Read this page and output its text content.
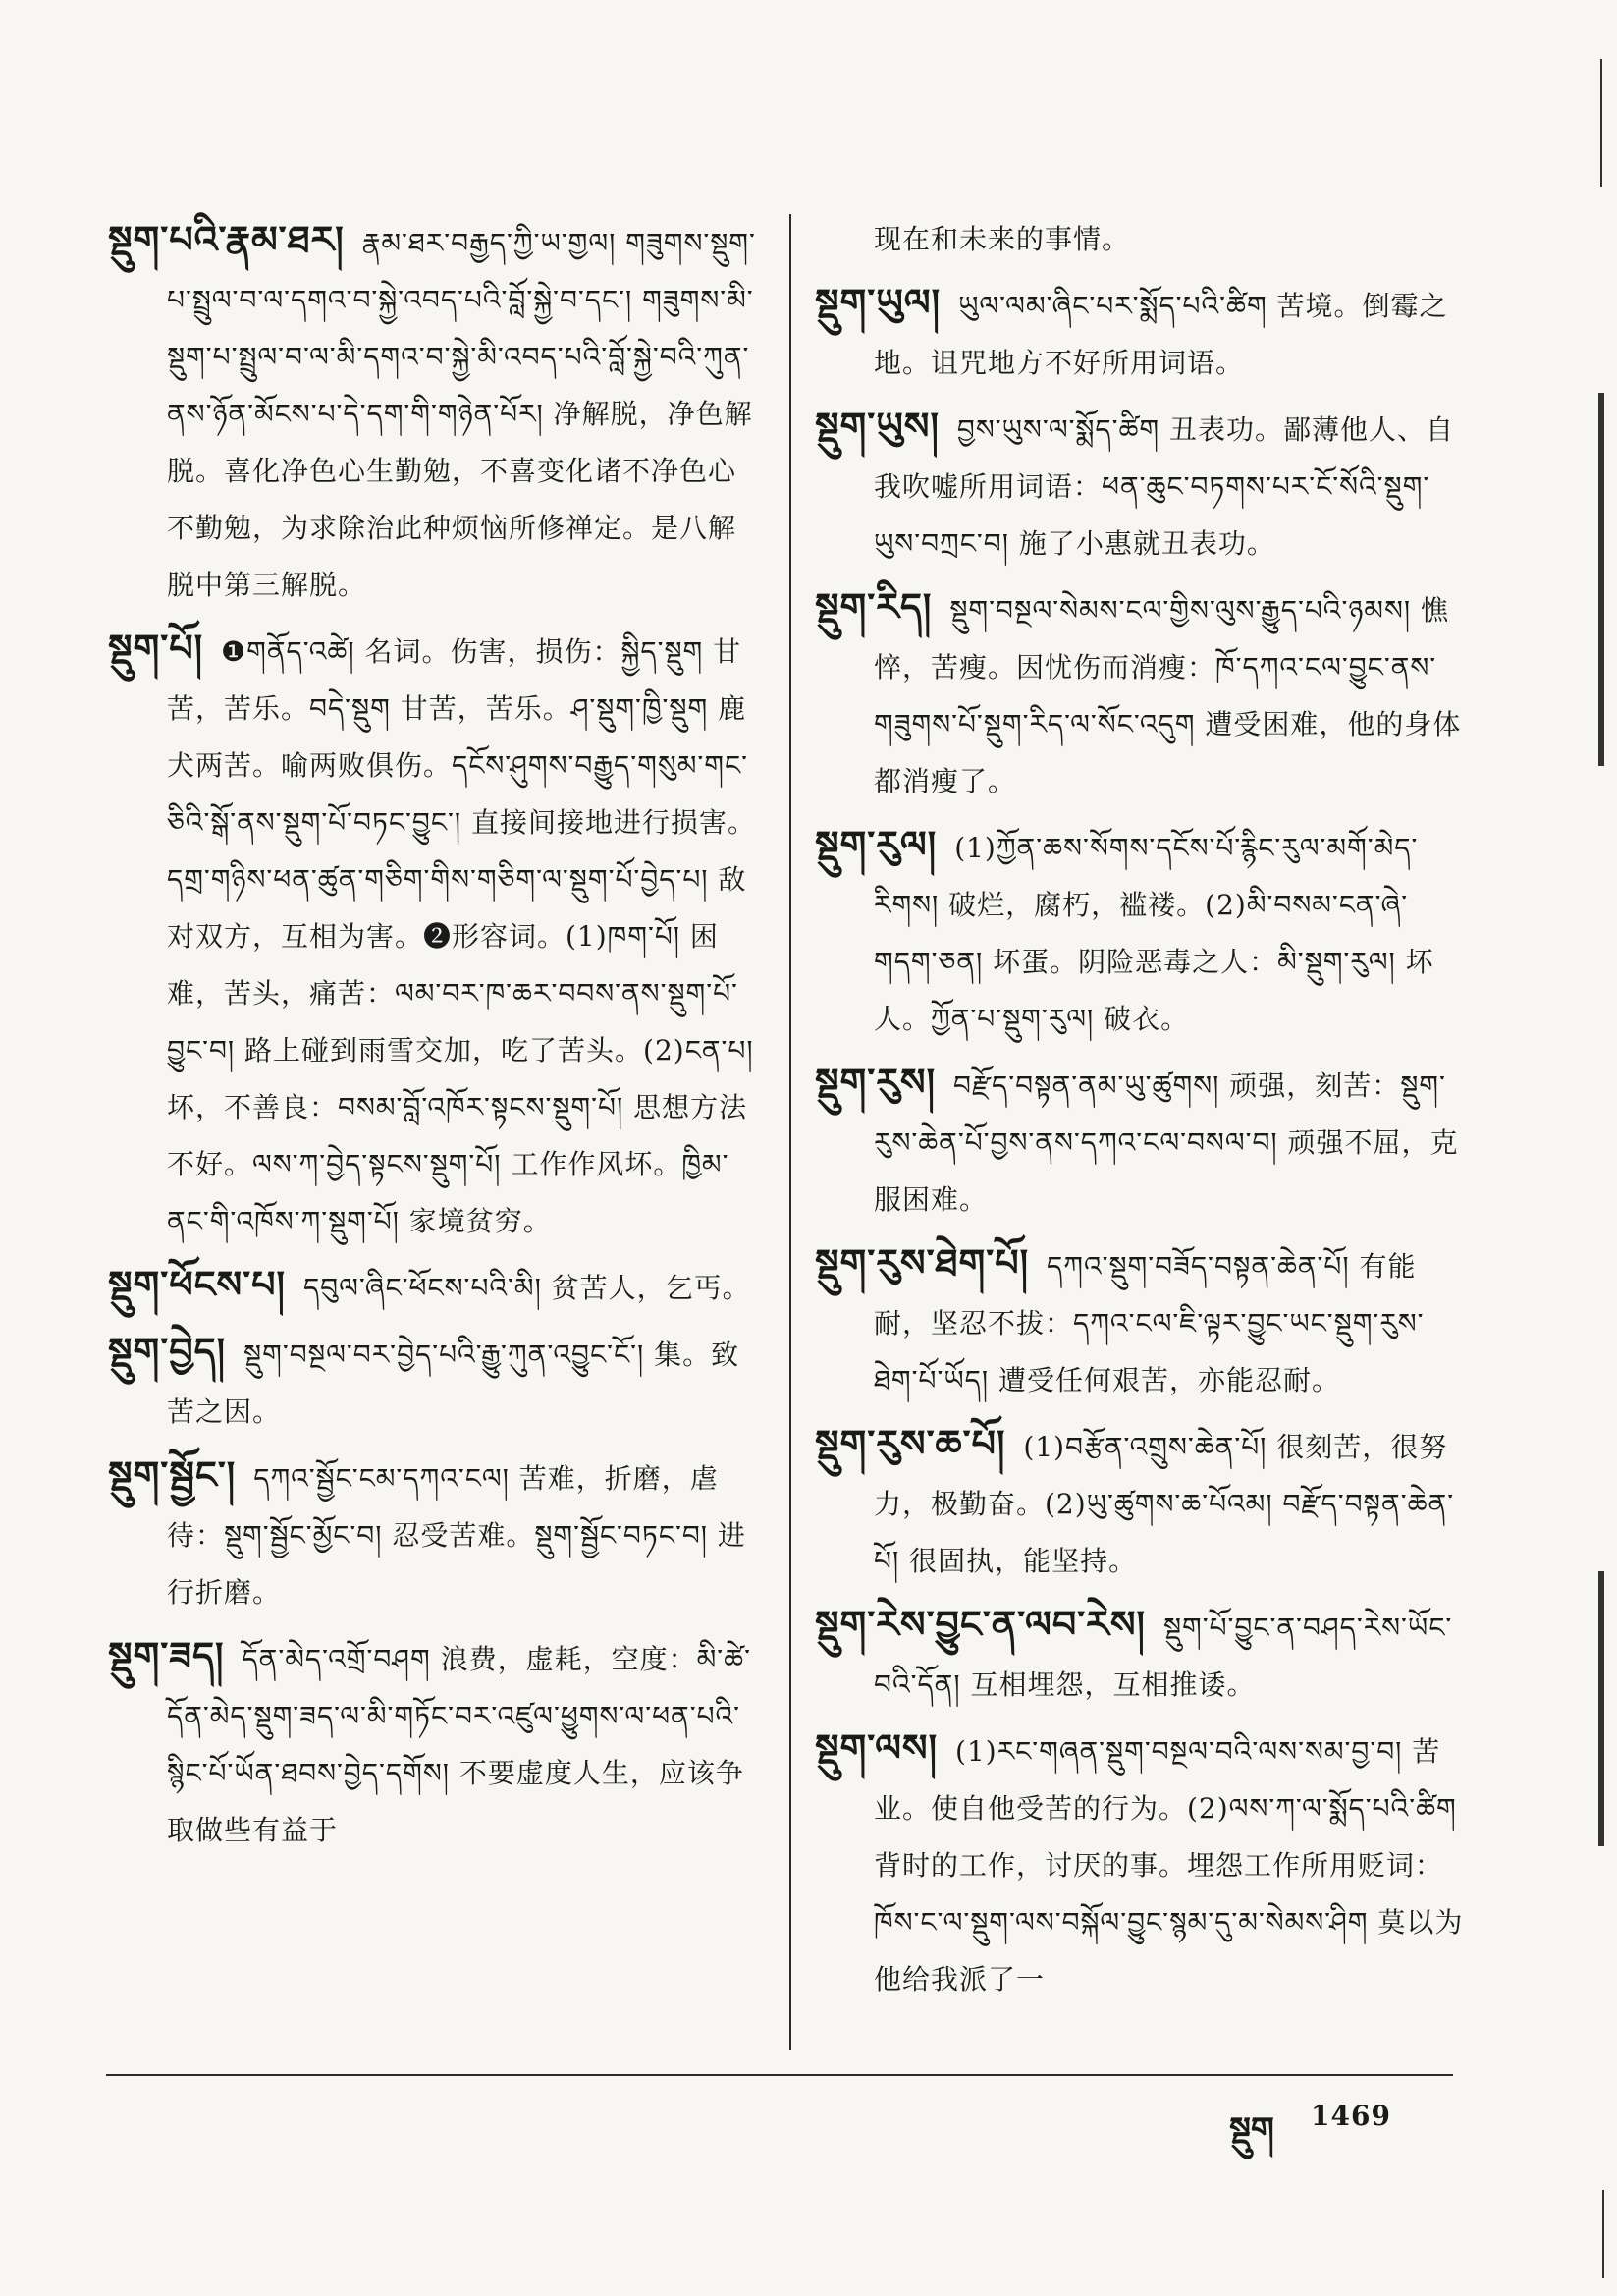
སྡུག་པའི་རྣམ་ཐར། རྣམ་ཐར་བརྒྱད་ཀྱི་ཡ་གྱལ། གཟུགས་སྡུག་པ་སྤྲུལ་བ་ལ་དགའ་བ་སྐྱེ་འབད་པའི་བློ་སྐྱེ་བ་དང་། གཟུགས་མི་སྡུག་པ་སྤྲུལ་བ་ལ་མི་དགའ་བ་སྐྱེ་མི་འབད་པའི་བློ་སྐྱེ་བའི་ཀུན་ནས་ཉོན་མོངས་པ་དེ་དག་གི་གཉེན་པོར། 净解脱，净色解脱。喜化净色心生勤勉，不喜变化诸不净色心不勤勉，为求除治此种烦恼所修禅定。是八解脱中第三解脱。

སྡུག་པོ། ❶གནོད་འཚེ། 名词。伤害，损伤：སྐྱིད་སྡུག 甘苦，苦乐。བདེ་སྡུག 甘苦，苦乐。ཤ་སྡུག་ཁྱི་སྡུག 鹿犬两苦。喻两败俱伤。དངོས་ཤུགས་བརྒྱུད་གསུམ་གང་ཅིའི་སྒོ་ནས་སྡུག་པོ་བཏང་བྱུང་། 直接间接地进行损害。དགྲ་གཉིས་ཕན་ཚུན་གཅིག་གིས་གཅིག་ལ་སྡུག་པོ་བྱེད་པ། 敌对双方，互相为害。❷形容词。(1)ཁག་པོ། 困难，苦头，痛苦：ལམ་བར་ཁ་ཆར་བབས་ནས་སྡུག་པོ་བྱུང་བ། 路上碰到雨雪交加，吃了苦头。(2)ངན་པ། 坏，不善良：བསམ་བློ་འཁོར་སྟངས་སྡུག་པོ། 思想方法不好。ལས་ཀ་བྱེད་སྟངས་སྡུག་པོ། 工作作风坏。ཁྱིམ་ནང་གི་འཁོས་ཀ་སྡུག་པོ། 家境贫穷。

སྡུག་ཕོངས་པ། དབུལ་ཞིང་ཕོངས་པའི་མི། 贫苦人，乞丐。

སྡུག་བྱེད། སྡུག་བསྔལ་བར་བྱེད་པའི་རྒྱུ་ཀུན་འབྱུང་ངོ་། 集。致苦之因。

སྡུག་སྦྱོང་། དཀའ་སྦྱོང་ངམ་དཀའ་ངལ། 苦难，折磨，虐待：སྡུག་སྦྱོང་མྱོང་བ། 忍受苦难。སྡུག་སྦྱོང་བཏང་བ། 进行折磨。

སྡུག་ཟད། དོན་མེད་འགྲོ་བཤག 浪费，虚耗，空度：མི་ཚེ་དོན་མེད་སྡུག་ཟད་ལ་མི་གཏོང་བར་འཛུལ་ཕྱུགས་ལ་ཕན་པའི་སྙིང་པོ་ཡོན་ཐབས་བྱེད་དགོས། 不要虚度人生，应该争取做些有益于

现在和未来的事情。

སྡུག་ཡུལ། ཡུལ་ལམ་ཞིང་པར་སྨོད་པའི་ཚིག 苦境。倒霉之地。诅咒地方不好所用词语。

སྡུག་ཡུས། བྱས་ཡུས་ལ་སྨོད་ཚིག 丑表功。鄙薄他人、自我吹嘘所用词语：ཕན་ཆུང་བཏགས་པར་ངོ་སོའི་སྡུག་ཡུས་བཀྲང་བ། 施了小惠就丑表功。

སྡུག་རིད། སྡུག་བསྔལ་སེམས་ངལ་གྱིས་ལུས་རྒྱུད་པའི་ཉམས། 憔悴，苦瘦。因忧伤而消瘦：ཁོ་དཀའ་ངལ་བྱུང་ནས་གཟུགས་པོ་སྡུག་རིད་ལ་སོང་འདུག 遭受困难，他的身体都消瘦了。

སྡུག་རུལ། (1)ཀྱོན་ཆས་སོགས་དངོས་པོ་རྙིང་རུལ་མགོ་མེད་རིགས། 破烂，腐朽，褴褛。(2)མི་བསམ་ངན་ཞེ་གདག་ཅན། 坏蛋。阴险恶毒之人：མི་སྡུག་རུལ། 坏人。ཀྱོན་པ་སྡུག་རུལ། 破衣。

སྡུག་རུས། བརྫོད་བསྟན་ནམ་ཡུ་ཚུགས། 顽强，刻苦：སྡུག་རུས་ཆེན་པོ་བྱས་ནས་དཀའ་ངལ་བསལ་བ། 顽强不屈，克服困难。

སྡུག་རུས་ཐེག་པོ། དཀའ་སྡུག་བཟོད་བསྟན་ཆེན་པོ། 有能耐，坚忍不拔：དཀའ་ངལ་ཇི་ལྟར་བྱུང་ཡང་སྡུག་རུས་ཐེག་པོ་ཡོད། 遭受任何艰苦，亦能忍耐。

སྡུག་རུས་ཆ་པོ། (1)བརྩོན་འགྲུས་ཆེན་པོ། 很刻苦，很努力，极勤奋。(2)ཡུ་ཚུགས་ཆ་པོའམ། བརྫོད་བསྟན་ཆེན་པོ། 很固执，能坚持。

སྡུག་རེས་བྱུང་ན་ལབ་རེས། སྡུག་པོ་བྱུང་ན་བཤད་རེས་ཡོང་བའི་དོན། 互相埋怨，互相推诿。

སྡུག་ལས། (1)རང་གཞན་སྡུག་བསྔལ་བའི་ལས་སམ་བྱ་བ། 苦业。使自他受苦的行为。(2)ལས་ཀ་ལ་སྨོད་པའི་ཚིག 背时的工作，讨厌的事。埋怨工作所用贬词：ཁོས་ང་ལ་སྡུག་ལས་བསྐོལ་བྱུང་སྙམ་དུ་མ་སེམས་ཤིག 莫以为他给我派了一

སྡུག 1469
